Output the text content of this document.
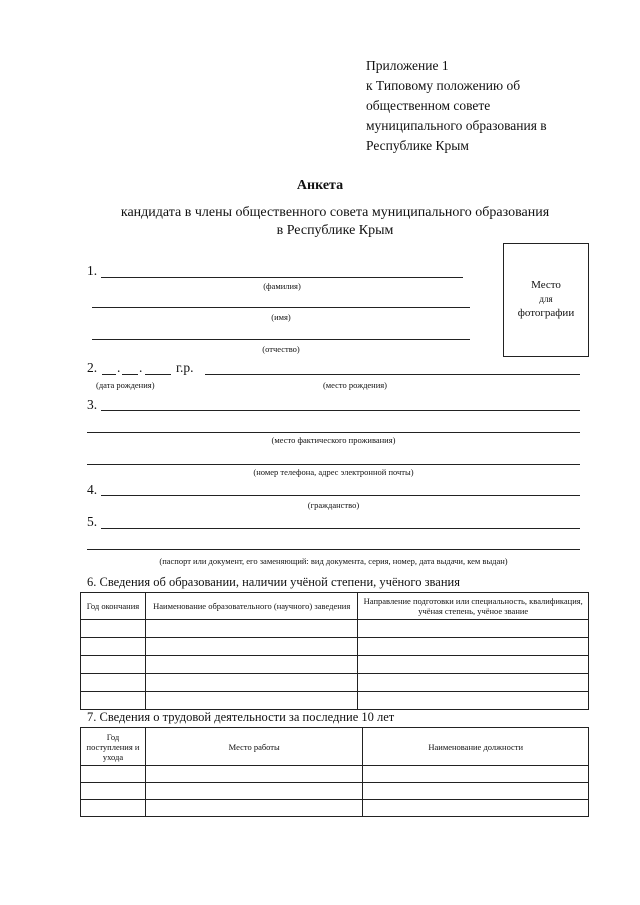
Приложение 1
к Типовому положению об
общественном совете
муниципального образования в
Республике Крым
Анкета
кандидата в члены общественного совета муниципального образования
в Республике Крым
Место
для
фотографии
1.
(фамилия)
(имя)
(отчество)
2. . . г.р.
(дата рождения)	(место рождения)
3.
(место фактического проживания)
(номер телефона, адрес электронной почты)
4.
(гражданство)
5.
(паспорт или документ, его заменяющий: вид документа, серия, номер, дата выдачи, кем выдан)
6. Сведения об образовании, наличии учёной степени, учёного звания
Год окончания	Наименование образовательного (научного) заведения	Направление подготовки или специальность, квалификация, учёная степень, учёное звание

7. Сведения о трудовой деятельности за последние 10 лет
Год поступления и ухода	Место работы	Наименование должности
